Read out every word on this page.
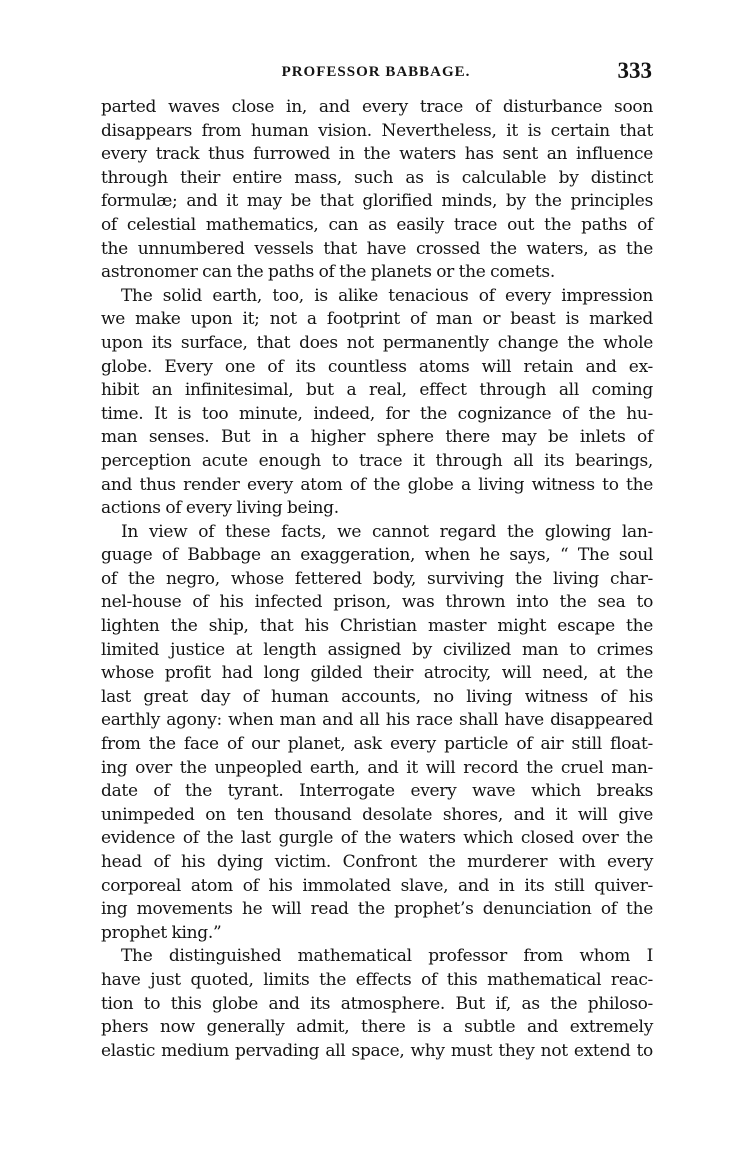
PROFESSOR BABBAGE.	333

parted waves close in, and every trace of disturbance soon
disappears from human vision. Nevertheless, it is certain that
every track thus furrowed in the waters has sent an influence
through their entire mass, such as is calculable by distinct
formulæ; and it may be that glorified minds, by the principles
of celestial mathematics, can as easily trace out the paths of
the unnumbered vessels that have crossed the waters, as the
astronomer can the paths of the planets or the comets.

The solid earth, too, is alike tenacious of every impression
we make upon it; not a footprint of man or beast is marked
upon its surface, that does not permanently change the whole
globe. Every one of its countless atoms will retain and ex-
hibit an infinitesimal, but a real, effect through all coming
time. It is too minute, indeed, for the cognizance of the hu-
man senses. But in a higher sphere there may be inlets of
perception acute enough to trace it through all its bearings,
and thus render every atom of the globe a living witness to the
actions of every living being.

In view of these facts, we cannot regard the glowing lan-
guage of Babbage an exaggeration, when he says, “ The soul
of the negro, whose fettered body, surviving the living char-
nel-house of his infected prison, was thrown into the sea to
lighten the ship, that his Christian master might escape the
limited justice at length assigned by civilized man to crimes
whose profit had long gilded their atrocity, will need, at the
last great day of human accounts, no living witness of his
earthly agony: when man and all his race shall have disappeared
from the face of our planet, ask every particle of air still float-
ing over the unpeopled earth, and it will record the cruel man-
date of the tyrant. Interrogate every wave which breaks
unimpeded on ten thousand desolate shores, and it will give
evidence of the last gurgle of the waters which closed over the
head of his dying victim. Confront the murderer with every
corporeal atom of his immolated slave, and in its still quiver-
ing movements he will read the prophet’s denunciation of the
prophet king.”

The distinguished mathematical professor from whom I
have just quoted, limits the effects of this mathematical reac-
tion to this globe and its atmosphere. But if, as the philoso-
phers now generally admit, there is a subtle and extremely
elastic medium pervading all space, why must they not extend to
